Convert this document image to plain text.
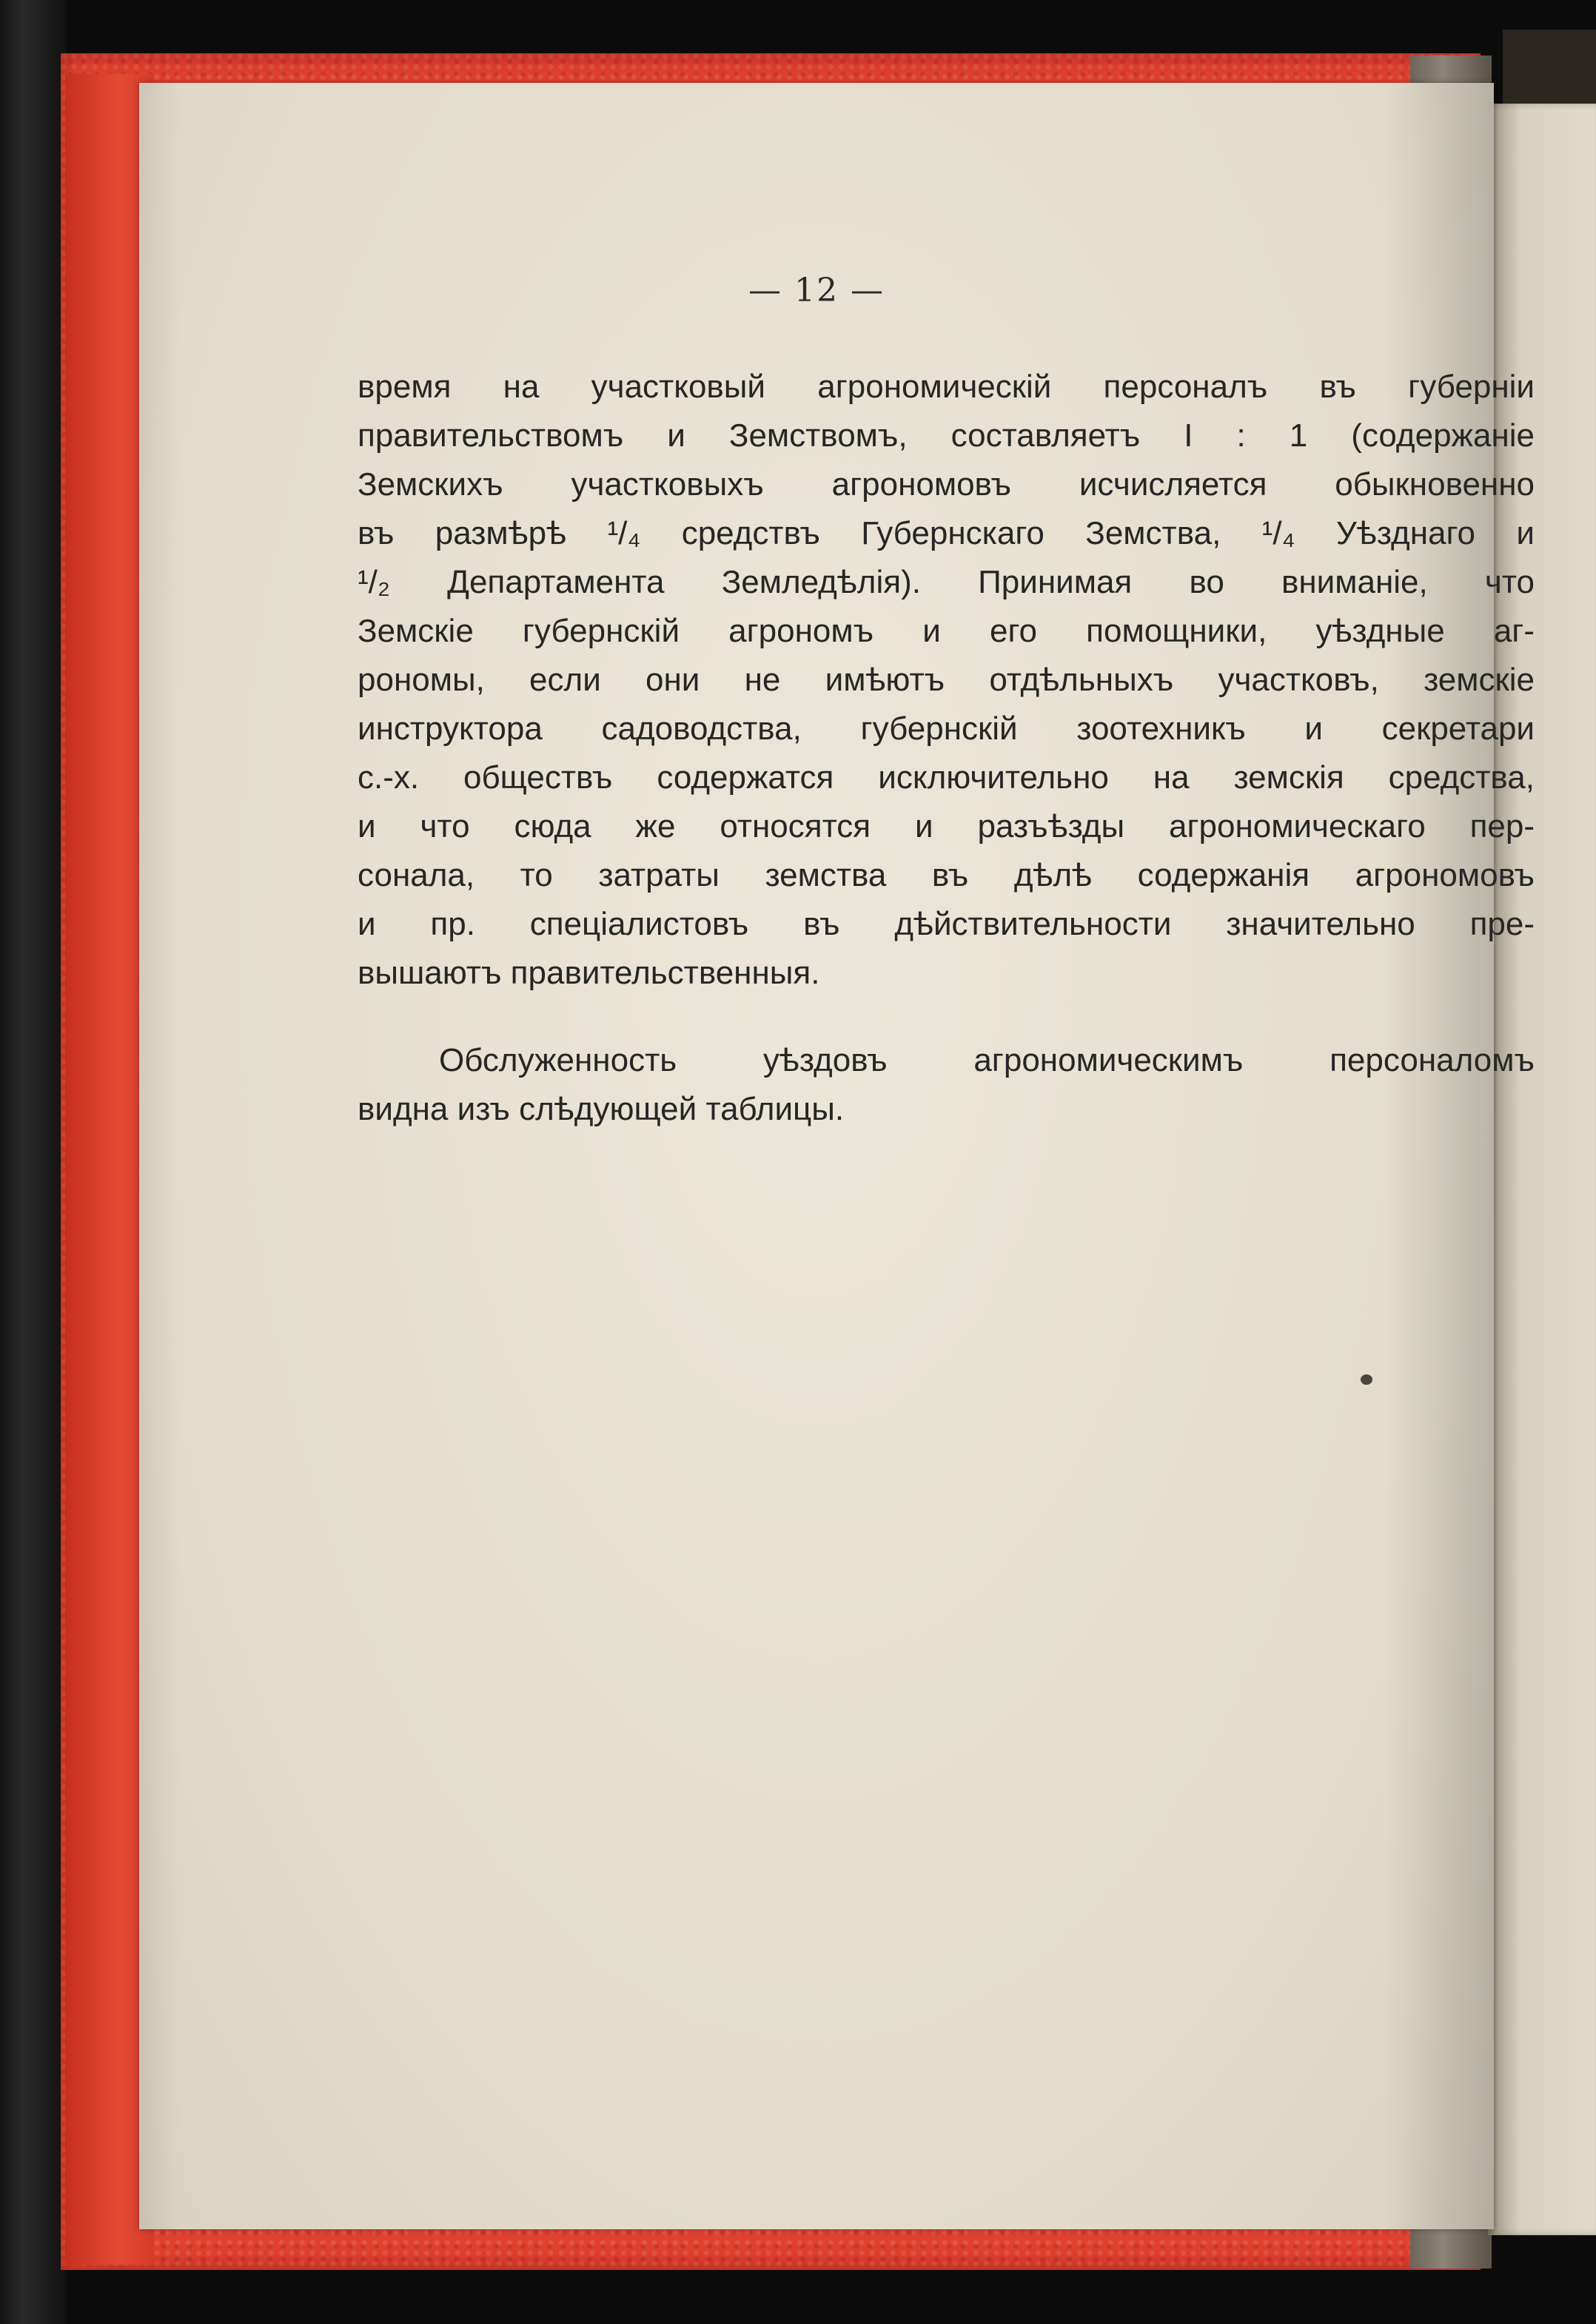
— 12 —
время на участковый агрономическій персоналъ въ губерніи
правительствомъ и Земствомъ, составляетъ I : 1 (содержаніе
Земскихъ участковыхъ агрономовъ исчисляется обыкновенно
въ размѣрѣ ¹/₄ средствъ Губернскаго Земства, ¹/₄ Уѣзднаго и
¹/₂ Департамента Земледѣлія). Принимая во вниманіе, что
Земскіе губернскій агрономъ и его помощники, уѣздные аг-
рономы, если они не имѣютъ отдѣльныхъ участковъ, земскіе
инструктора садоводства, губернскій зоотехникъ и секретари
с.-х. обществъ содержатся исключительно на земскія средства,
и что сюда же относятся и разъѣзды агрономическаго пер-
сонала, то затраты земства въ дѣлѣ содержанія агрономовъ
и пр. спеціалистовъ въ дѣйствительности значительно пре-
вышаютъ правительственныя.
Обслуженность уѣздовъ агрономическимъ персоналомъ
видна изъ слѣдующей таблицы.
